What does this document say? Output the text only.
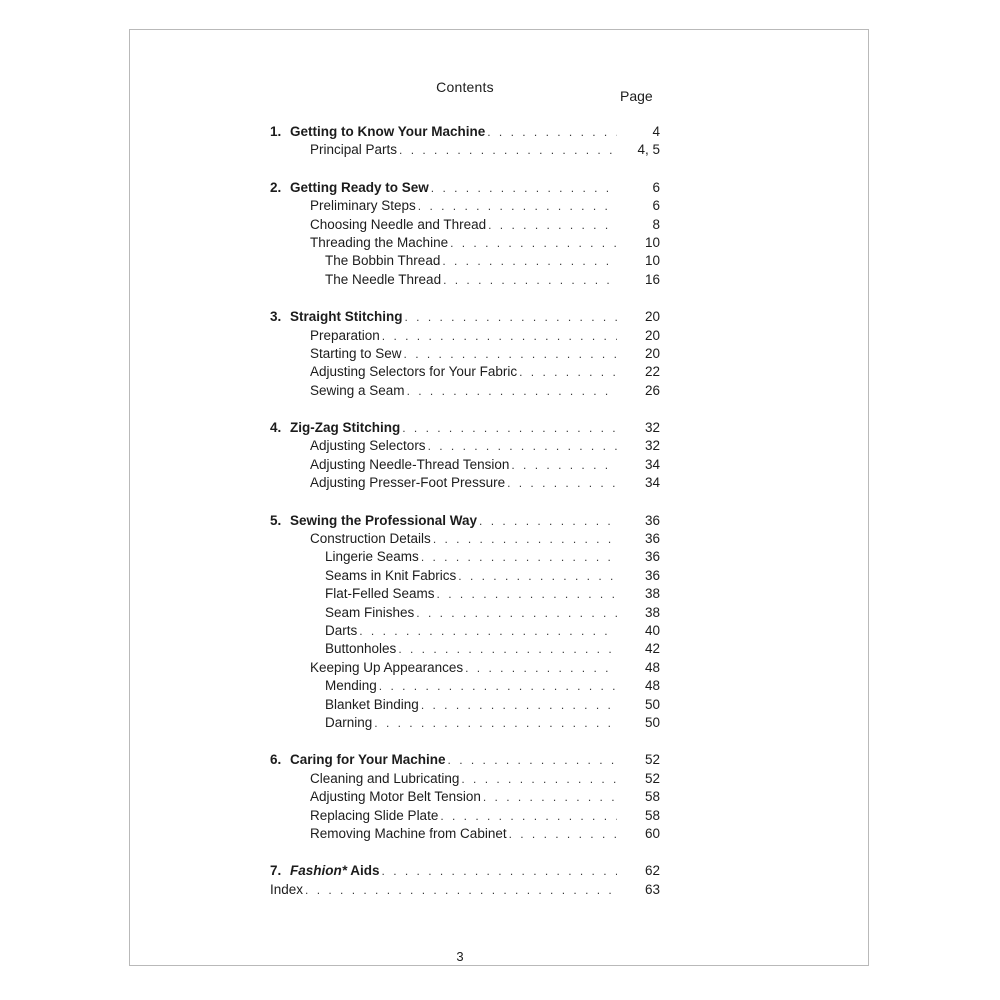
Contents
Page
1. Getting to Know Your Machine . . .	4
Principal Parts . . .	4, 5
2. Getting Ready to Sew . . .	6
Preliminary Steps . . .	6
Choosing Needle and Thread . . .	8
Threading the Machine . . .	10
The Bobbin Thread . . .	10
The Needle Thread . . .	16
3. Straight Stitching . . .	20
Preparation . . .	20
Starting to Sew . . .	20
Adjusting Selectors for Your Fabric . . .	22
Sewing a Seam . . .	26
4. Zig-Zag Stitching . . .	32
Adjusting Selectors . . .	32
Adjusting Needle-Thread Tension . . .	34
Adjusting Presser-Foot Pressure . . .	34
5. Sewing the Professional Way . . .	36
Construction Details . . .	36
Lingerie Seams . . .	36
Seams in Knit Fabrics . . .	36
Flat-Felled Seams . . .	38
Seam Finishes . . .	38
Darts . . .	40
Buttonholes . . .	42
Keeping Up Appearances . . .	48
Mending . . .	48
Blanket Binding . . .	50
Darning . . .	50
6. Caring for Your Machine . . .	52
Cleaning and Lubricating . . .	52
Adjusting Motor Belt Tension . . .	58
Replacing Slide Plate . . .	58
Removing Machine from Cabinet . . .	60
7. Fashion* Aids . . .	62
Index . . .	63
3
